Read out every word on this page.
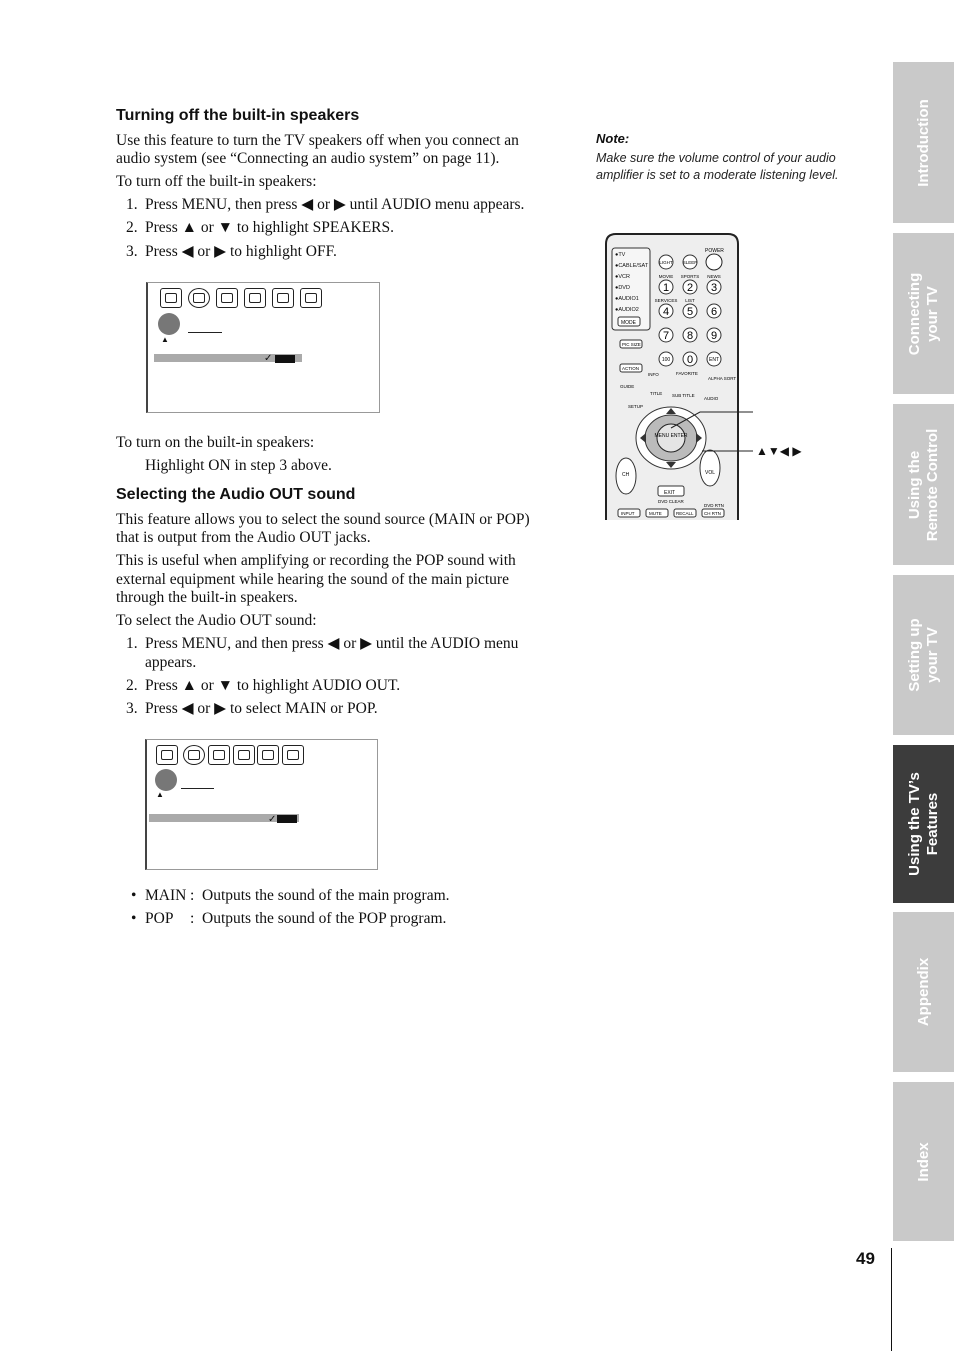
Turning off the built-in speakers
Use this feature to turn the TV speakers off when you connect an
audio system (see “Connecting an audio system” on page 11).
To turn off the built-in speakers:
1. Press MENU, then press ◀ or ▶ until AUDIO menu appears.
2. Press ▲ or ▼ to highlight SPEAKERS.
3. Press ◀ or ▶ to highlight OFF.
▲
✓
To turn on the built-in speakers:
Highlight ON in step 3 above.
Selecting the Audio OUT sound
This feature allows you to select the sound source (MAIN or POP)
that is output from the Audio OUT jacks.
This is useful when amplifying or recording the POP sound with
external equipment while hearing the sound of the main picture
through the built-in speakers.
To select the Audio OUT sound:
1. Press MENU, and then press ◀ or ▶ until the AUDIO menu
appears.
2. Press ▲ or ▼ to highlight AUDIO OUT.
3. Press ◀ or ▶ to select MAIN or POP.
▲
✓
• MAIN : Outputs the sound of the main program.
• POP : Outputs the sound of the POP program.
Note:
Make sure the volume control of your audio
amplifier is set to a moderate listening level.
●TV
●CABLE/SAT
●VCR
●DVD
●AUDIO1
●AUDIO2
MODE
POWER
LIGHT SLEEP
NEWS
MOVIE SPORTS
SERVICES LIST
1 2 3
4 5 6
7 8 9
100 0	ENT
PIC SIZE
ACTION
INFO	FAVORITE
GUIDE
TITLE SUB TITLE
AUDIO
ALPHA SORT
SETUP
MENU ENTER
CH	VOL
EXIT
DVD CLEAR
INPUT	MUTE	RECALL CH RTN
DVD RTN
▲▼◀ ▶
Introduction
Connecting your TV
Using the Remote Control
Setting up your TV
Using the TV’s Features
Appendix
Index
49
